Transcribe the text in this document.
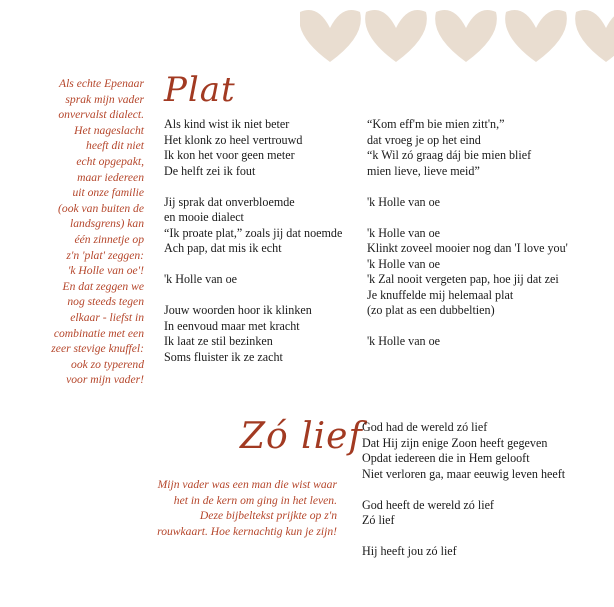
Als echte Epenaar
sprak mijn vader
onvervalst dialect.
Het nageslacht
heeft dit niet
echt opgepakt,
maar iedereen
uit onze familie
(ook van buiten de
landsgrens) kan
één zinnetje op
z'n 'plat' zeggen:
'k Holle van oe'!
En dat zeggen we
nog steeds tegen
elkaar - liefst in
combinatie met een
zeer stevige knuffel:
ook zo typerend
voor mijn vader!
Plat
Als kind wist ik niet beter
Het klonk zo heel vertrouwd
Ik kon het voor geen meter
De helft zei ik fout
Jij sprak dat onverbloemde
en mooie dialect
“Ik proate plat,” zoals jij dat noemde
Ach pap, dat mis ik echt
'k Holle van oe
Jouw woorden hoor ik klinken
In eenvoud maar met kracht
Ik laat ze stil bezinken
Soms fluister ik ze zacht
“Kom eff'm bie mien zitt'n,”
dat vroeg je op het eind
“k Wil zó graag dáj bie mien blief
mien lieve, lieve meid”
'k Holle van oe
'k Holle van oe
Klinkt zoveel mooier nog dan 'I love you'
'k Holle van oe
'k Zal nooit vergeten pap, hoe jij dat zei
Je knuffelde mij helemaal plat
(zo plat as een dubbeltien)
'k Holle van oe
Zó lief
Mijn vader was een man die wist waar
het in de kern om ging in het leven.
Deze bijbeltekst prijkte op z'n
rouwkaart. Hoe kernachtig kun je zijn!
God had de wereld zó lief
Dat Hij zijn enige Zoon heeft gegeven
Opdat iedereen die in Hem gelooft
Niet verloren ga, maar eeuwig leven heeft
God heeft de wereld zó lief
Zó lief
Hij heeft jou zó lief
